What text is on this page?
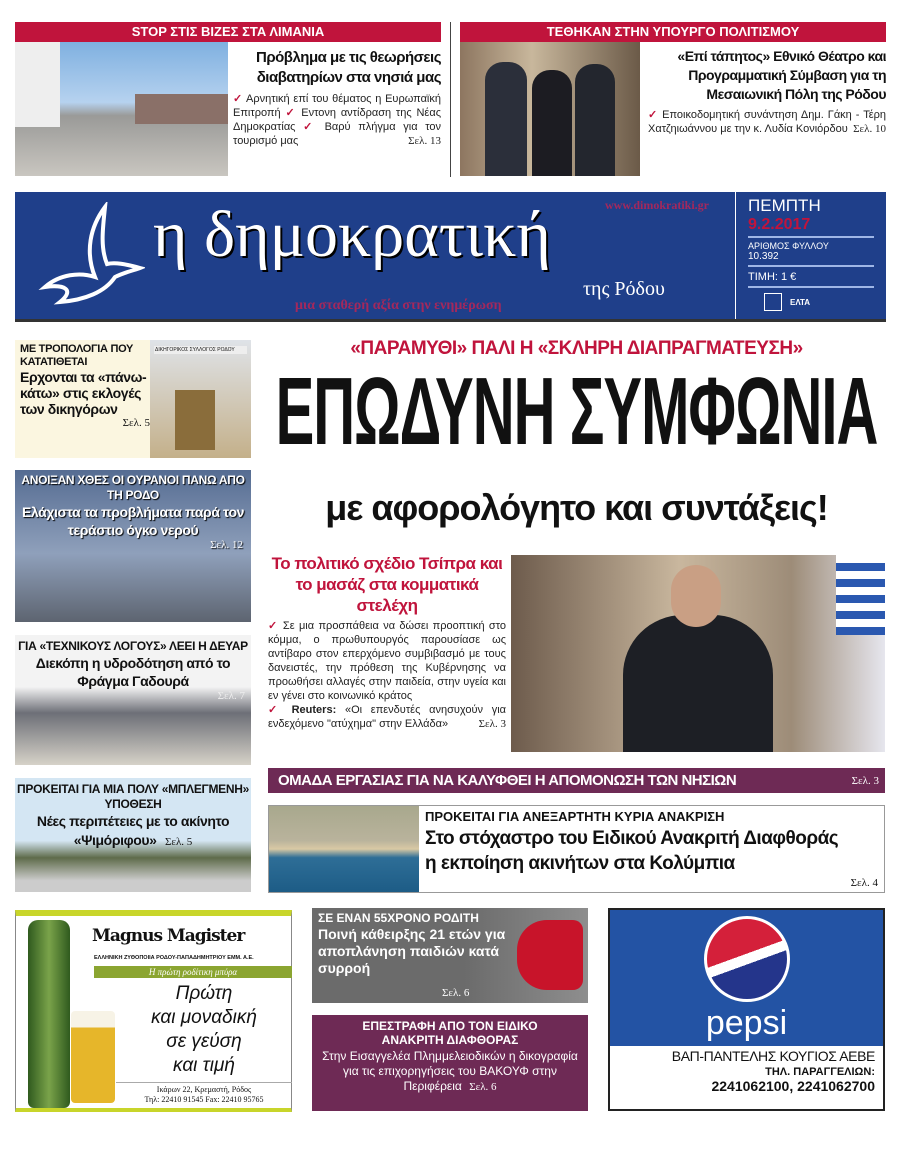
STOP ΣΤΙΣ ΒΙΖΕΣ ΣΤΑ ΛΙΜΑΝΙΑ
Πρόβλημα με τις θεωρήσεις διαβατηρίων στα νησιά μας
✓ Αρνητική επί του θέματος η Ευρωπαϊκή Επιτροπή ✓ Εντονη αντίδραση της Νέας Δημοκρατίας ✓ Βαρύ πλήγμα για τον τουρισμό μας	Σελ. 13
ΤΕΘΗΚΑΝ ΣΤΗΝ ΥΠΟΥΡΓΟ ΠΟΛΙΤΙΣΜΟΥ
«Επί τάπητος» Εθνικό Θέατρο και Προγραμματική Σύμβαση για τη Μεσαιωνική Πόλη της Ρόδου
✓ Εποικοδομητική συνάντηση Δημ. Γάκη - Τέρη Χατζηιωάννου με την κ. Λυδία Κονιόρδου Σελ. 10
η δημοκρατική	www.dimokratiki.gr
της Ρόδου
μια σταθερή αξία στην ενημέρωση
ΠΕΜΠΤΗ
9.2.2017
ΑΡΙΘΜΟΣ ΦΥΛΛΟΥ
10.392
ΤΙΜΗ: 1 €
ΕΛΤΑ
ΜΕ ΤΡΟΠΟΛΟΓΙΑ ΠΟΥ ΚΑΤΑΤΙΘΕΤΑΙ
Ερχονται τα «πάνω-κάτω» στις εκλογές των δικηγόρων
Σελ. 5
ΔΙΚΗΓΟΡΙΚΟΣ ΣΥΛΛΟΓΟΣ ΡΟΔΟΥ
ΑΝΟΙΞΑΝ ΧΘΕΣ ΟΙ ΟΥΡΑΝΟΙ ΠΑΝΩ ΑΠΟ ΤΗ ΡΟΔΟ
Ελάχιστα τα προβλήματα παρά τον τεράστιο όγκο νερού
Σελ. 12
ΓΙΑ «ΤΕΧΝΙΚΟΥΣ ΛΟΓΟΥΣ» ΛΕΕΙ Η ΔΕΥΑΡ
Διεκόπη η υδροδότηση από το Φράγμα Γαδουρά
Σελ. 7
ΠΡΟΚΕΙΤΑΙ ΓΙΑ ΜΙΑ ΠΟΛΥ «ΜΠΛΕΓΜΕΝΗ» ΥΠΟΘΕΣΗ
Νέες περιπέτειες με το ακίνητο «Ψιμόριφου» Σελ. 5
«ΠΑΡΑΜΥΘΙ» ΠΑΛΙ Η «ΣΚΛΗΡΗ ΔΙΑΠΡΑΓΜΑΤΕΥΣΗ»
ΕΠΩΔΥΝΗ ΣΥΜΦΩΝΙΑ
με αφορολόγητο και συντάξεις!
Το πολιτικό σχέδιο Τσίπρα και το μασάζ στα κομματικά στελέχη
✓ Σε μια προσπάθεια να δώσει προοπτική στο κόμμα, ο πρωθυπουργός παρουσίασε ως αντίβαρο στον επερχόμενο συμβιβασμό με τους δανειστές, την πρόθεση της Κυβέρνησης να προωθήσει αλλαγές στην παιδεία, στην υγεία και εν γένει στο κοινωνικό κράτος
✓ Reuters: «Οι επενδυτές ανησυχούν για ενδεχόμενο "ατύχημα" στην Ελλάδα»	Σελ. 3
ΟΜΑΔΑ ΕΡΓΑΣΙΑΣ ΓΙΑ ΝΑ ΚΑΛΥΦΘΕΙ Η ΑΠΟΜΟΝΩΣΗ ΤΩΝ ΝΗΣΙΩΝ	Σελ. 3
ΠΡΟΚΕΙΤΑΙ ΓΙΑ ΑΝΕΞΑΡΤΗΤΗ ΚΥΡΙΑ ΑΝΑΚΡΙΣΗ
Στο στόχαστρο του Ειδικού Ανακριτή Διαφθοράς η εκποίηση ακινήτων στα Κολύμπια
Σελ. 4
Magnus Magister
ΕΛΛΗΝΙΚΗ ΖΥΘΟΠΟΙΙΑ ΡΟΔΟΥ-ΠΑΠΑΔΗΜΗΤΡΙΟΥ ΕΜΜ. Α.Ε.
Η πρώτη ροδίτικη μπύρα
Πρώτη
και μοναδική
σε γεύση
και τιμή
Ικάρων 22, Κρεμαστή, Ρόδος
Τηλ: 22410 91545 Fax: 22410 95765
ΣΕ ΕΝΑΝ 55ΧΡΟΝΟ ΡΟΔΙΤΗ
Ποινή κάθειρξης 21 ετών για αποπλάνηση παιδιών κατά συρροή
Σελ. 6
ΕΠΕΣΤΡΑΦΗ ΑΠΟ ΤΟΝ ΕΙΔΙΚΟ ΑΝΑΚΡΙΤΗ ΔΙΑΦΘΟΡΑΣ
Στην Εισαγγελέα Πλημμελειοδικών η δικογραφία για τις επιχορηγήσεις του ΒΑΚΟΥΦ στην Περιφέρεια Σελ. 6
pepsi
ΒΑΠ-ΠΑΝΤΕΛΗΣ ΚΟΥΓΙΟΣ ΑΕΒΕ
ΤΗΛ. ΠΑΡΑΓΓΕΛΙΩΝ:
2241062100, 2241062700
